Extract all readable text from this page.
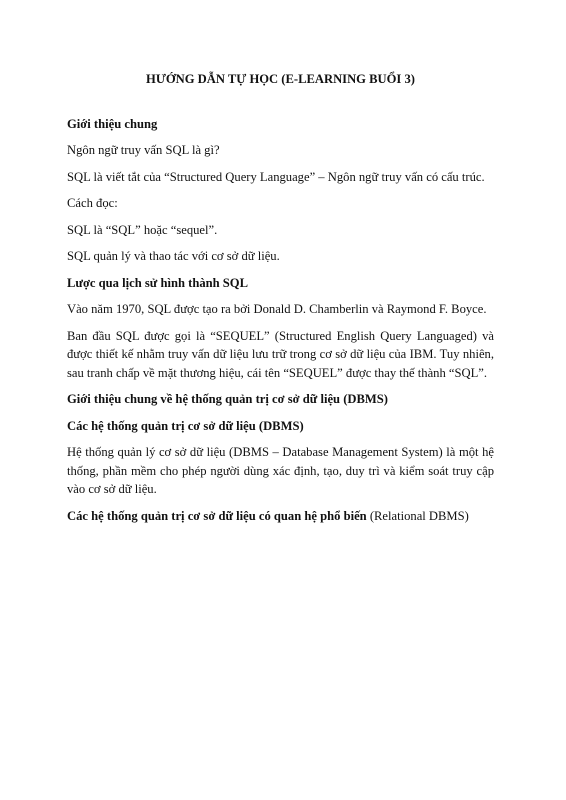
HƯỚNG DẪN TỰ HỌC (E-LEARNING BUỔI 3)
Giới thiệu chung
Ngôn ngữ truy vấn SQL là gì?
SQL là viết tắt của “Structured Query Language” – Ngôn ngữ truy vấn có cấu trúc.
Cách đọc:
SQL là “SQL” hoặc “sequel”.
SQL quản lý và thao tác với cơ sở dữ liệu.
Lược qua lịch sử hình thành SQL
Vào năm 1970, SQL được tạo ra bởi Donald D. Chamberlin và Raymond F. Boyce.
Ban đầu SQL được gọi là “SEQUEL” (Structured English Query Languaged) và được thiết kế nhằm truy vấn dữ liệu lưu trữ trong cơ sở dữ liệu của IBM. Tuy nhiên, sau tranh chấp về mặt thương hiệu, cái tên “SEQUEL” được thay thế thành “SQL”.
Giới thiệu chung về hệ thống quản trị cơ sở dữ liệu (DBMS)
Các hệ thống quản trị cơ sở dữ liệu (DBMS)
Hệ thống quản lý cơ sở dữ liệu (DBMS – Database Management System) là một hệ thống, phần mềm cho phép người dùng xác định, tạo, duy trì và kiểm soát truy cập vào cơ sở dữ liệu.
Các hệ thống quản trị cơ sở dữ liệu có quan hệ phổ biến (Relational DBMS)
